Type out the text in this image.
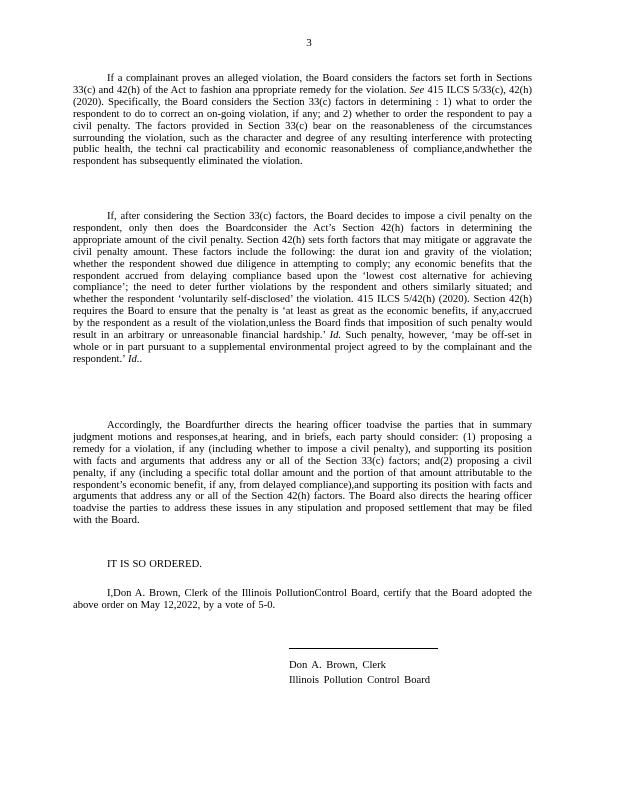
3
If a complainant proves an alleged violation, the Board considers the factors set forth in Sections 33(c) and 42(h) of the Act to fashion ana ppropriate remedy for the violation. See 415 ILCS 5/33(c), 42(h) (2020). Specifically, the Board considers the Section 33(c) factors in determining : 1) what to order the respondent to do to correct an on-going violation, if any; and 2) whether to order the respondent to pay a civil penalty. The factors provided in Section 33(c) bear on the reasonableness of the circumstances surrounding the violation, such as the character and degree of any resulting interference with protecting public health, the techni cal practicability and economic reasonableness of compliance,andwhether the respondent has subsequently eliminated the violation.
If, after considering the Section 33(c) factors, the Board decides to impose a civil penalty on the respondent, only then does the Boardconsider the Act’s Section 42(h) factors in determining the appropriate amount of the civil penalty. Section 42(h) sets forth factors that may mitigate or aggravate the civil penalty amount. These factors include the following: the durat ion and gravity of the violation; whether the respondent showed due diligence in attempting to comply; any economic benefits that the respondent accrued from delaying compliance based upon the ‘lowest cost alternative for achieving compliance’; the need to deter further violations by the respondent and others similarly situated; and whether the respondent ‘voluntarily self-disclosed’ the violation. 415 ILCS 5/42(h) (2020). Section 42(h) requires the Board to ensure that the penalty is ‘at least as great as the economic benefits, if any,accrued by the respondent as a result of the violation,unless the Board finds that imposition of such penalty would result in an arbitrary or unreasonable financial hardship.’ Id. Such penalty, however, ‘may be off-set in whole or in part pursuant to a supplemental environmental project agreed to by the complainant and the respondent.’ Id..
Accordingly, the Boardfurther directs the hearing officer toadvise the parties that in summary judgment motions and responses,at hearing, and in briefs, each party should consider: (1) proposing a remedy for a violation, if any (including whether to impose a civil penalty), and supporting its position with facts and arguments that address any or all of the Section 33(c) factors; and(2) proposing a civil penalty, if any (including a specific total dollar amount and the portion of that amount attributable to the respondent’s economic benefit, if any, from delayed compliance),and supporting its position with facts and arguments that address any or all of the Section 42(h) factors. The Board also directs the hearing officer toadvise the parties to address these issues in any stipulation and proposed settlement that may be filed with the Board.
IT IS SO ORDERED.
I,Don A. Brown, Clerk of the Illinois PollutionControl Board, certify that the Board adopted the above order on May 12,2022, by a vote of 5-0.
Don A. Brown, Clerk
Illinois Pollution Control Board
